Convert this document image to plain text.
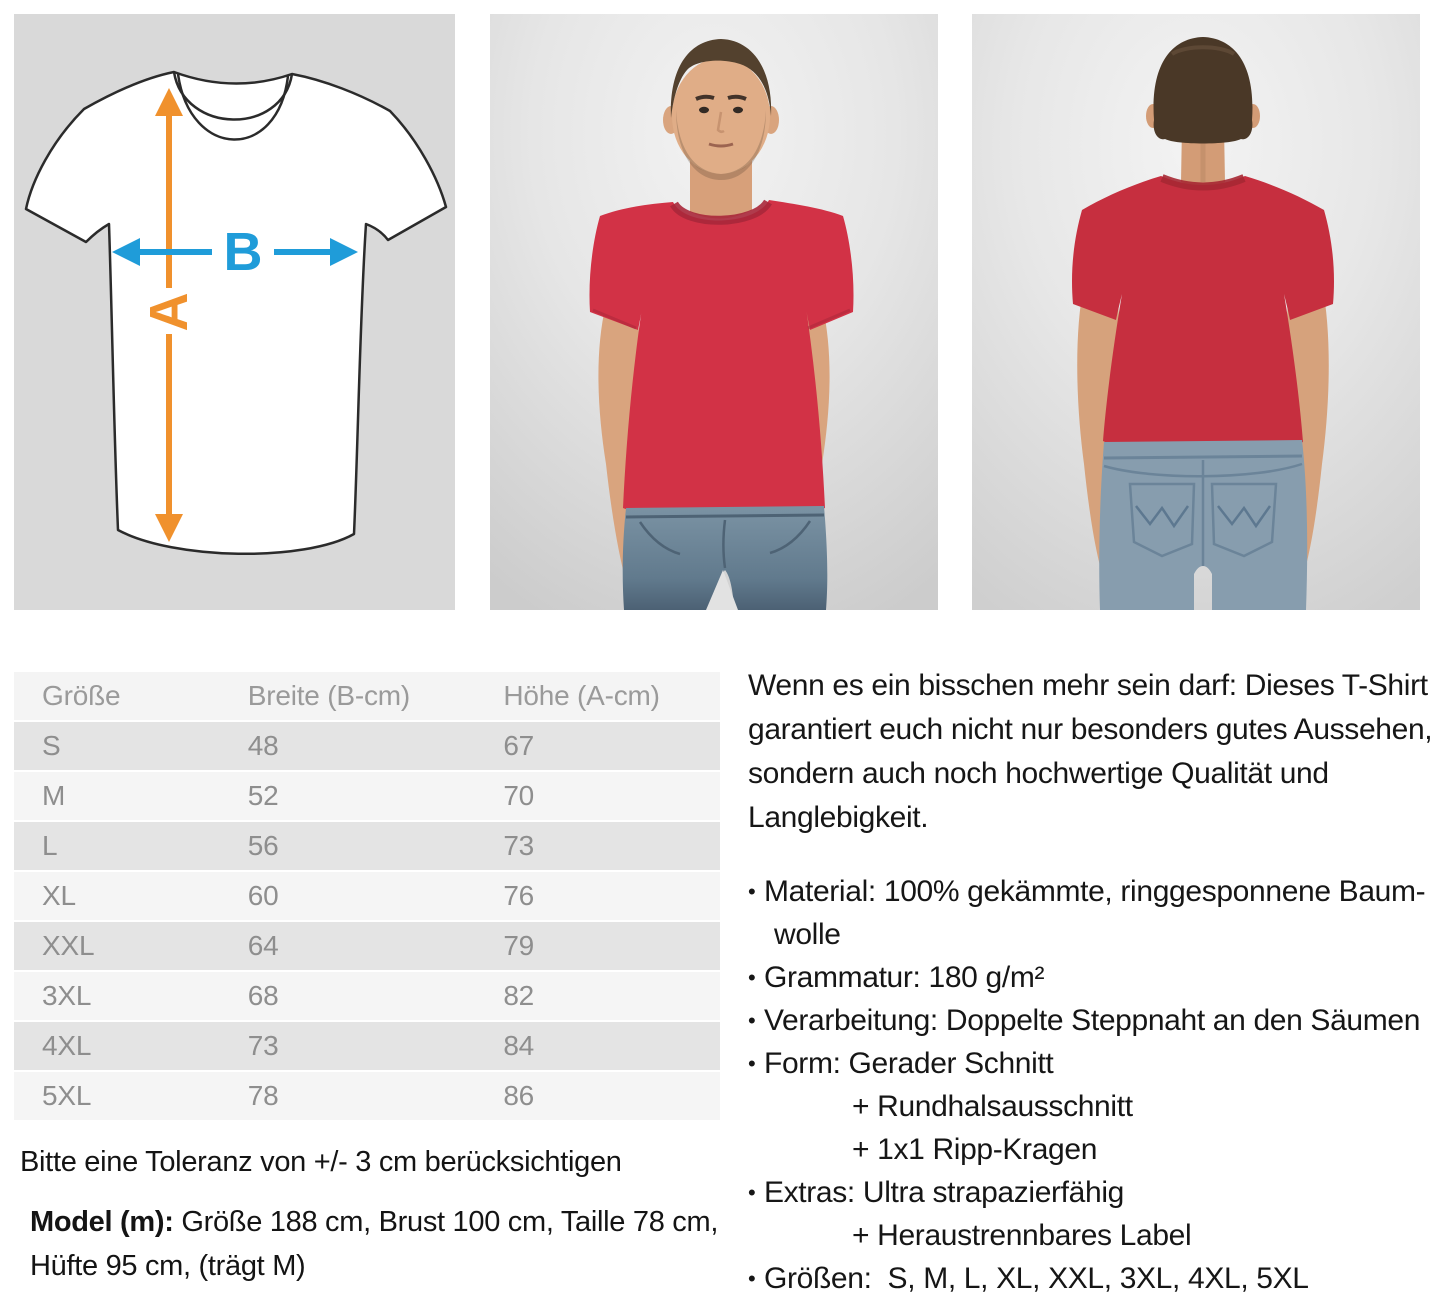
A
B
Größe	Breite (B-cm)	Höhe (A-cm)
S	48	67
M	52	70
L	56	73
XL	60	76
XXL	64	79
3XL	68	82
4XL	73	84
5XL	78	86
Bitte eine Toleranz von +/- 3 cm berücksichtigen
Model (m): Größe 188 cm, Brust 100 cm, Taille 78 cm, Hüfte 95 cm, (trägt M)
Wenn es ein bisschen mehr sein darf: Dieses T-Shirt garantiert euch nicht nur besonders gutes Aussehen, sondern auch noch hochwertige Qualität und Langlebigkeit.
• Material: 100% gekämmte, ringgesponnene Baum-
wolle
• Grammatur: 180 g/m²
• Verarbeitung: Doppelte Steppnaht an den Säumen
• Form: Gerader Schnitt
+ Rundhalsausschnitt
+ 1x1 Ripp-Kragen
• Extras: Ultra strapazierfähig
+ Heraustrennbares Label
• Größen:  S, M, L, XL, XXL, 3XL, 4XL, 5XL
